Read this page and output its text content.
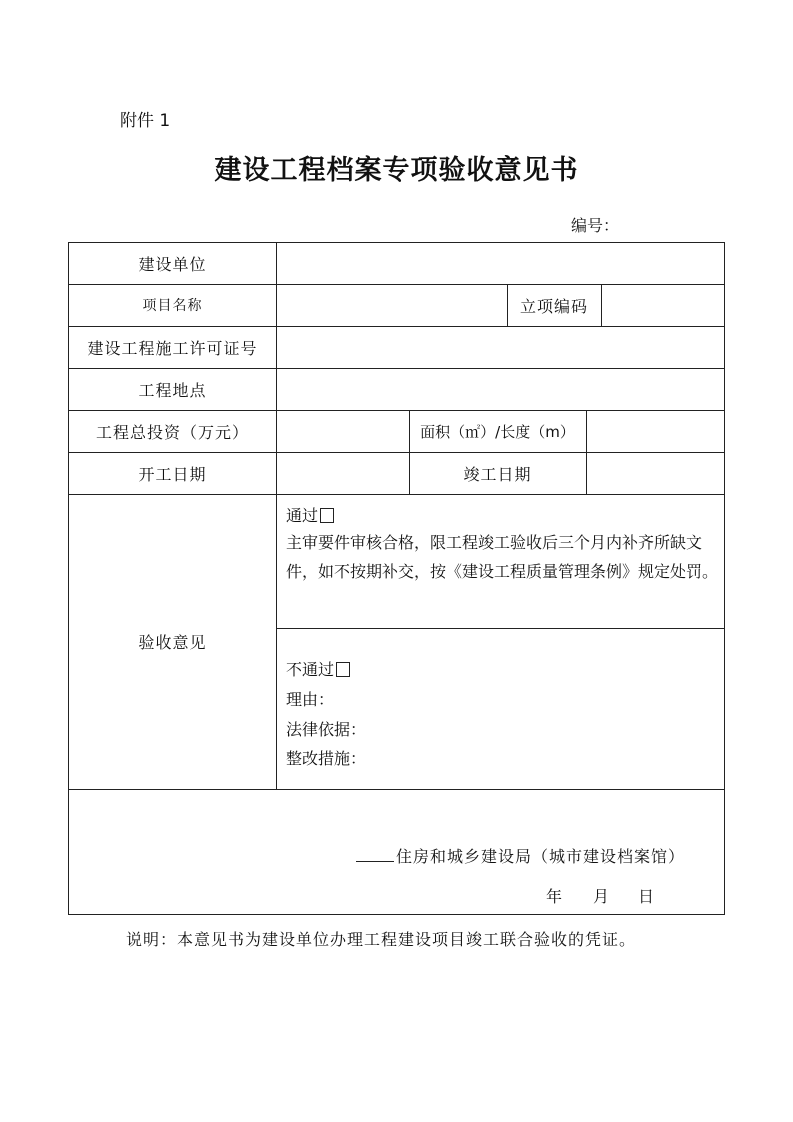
附件 1
建设工程档案专项验收意见书
编号：
建设单位
项目名称	立项编码
建设工程施工许可证号
工程地点
工程总投资（万元）	面积（㎡）/长度（m）
开工日期	竣工日期
验收意见
通过
主审要件审核合格，限工程竣工验收后三个月内补齐所缺文件，如不按期补交，按《建设工程质量管理条例》规定处罚。
不通过
理由：
法律依据：
整改措施：
住房和城乡建设局（城市建设档案馆）
年 月 日
说明：本意见书为建设单位办理工程建设项目竣工联合验收的凭证。
